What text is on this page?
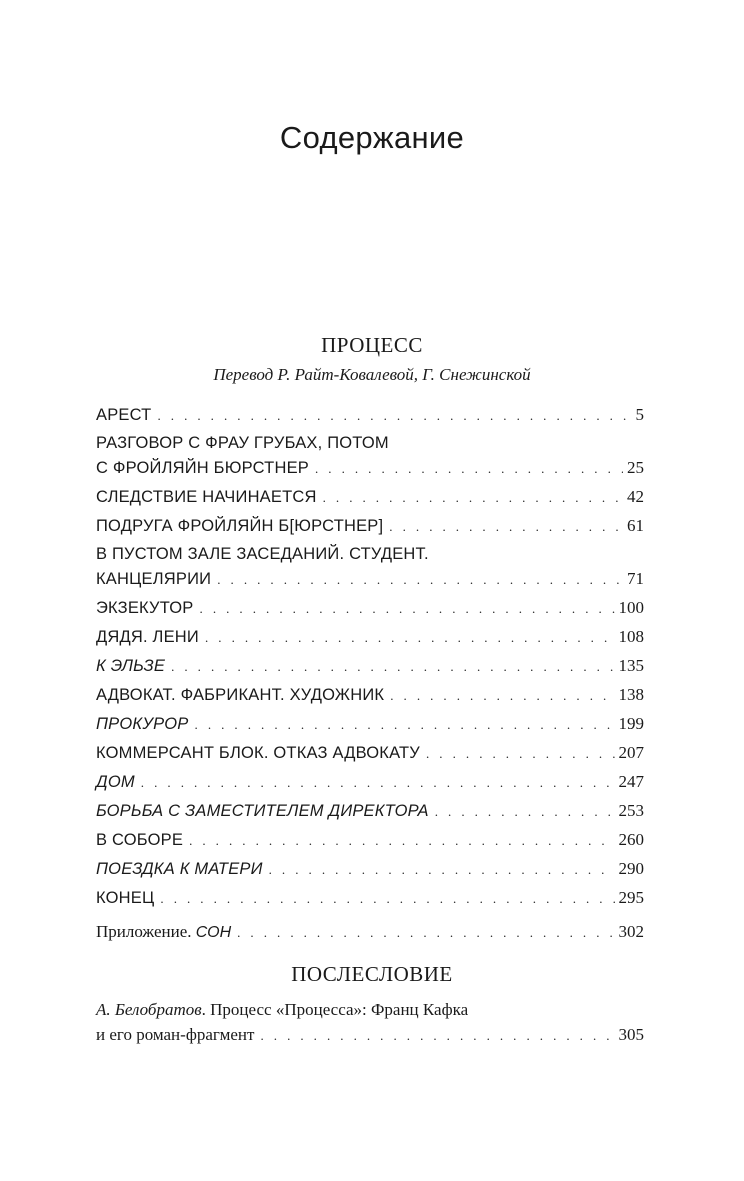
Содержание
ПРОЦЕСС
Перевод Р. Райт-Ковалевой, Г. Снежинской
АРЕСТ . . .	5
РАЗГОВОР С ФРАУ ГРУБАХ, ПОТОМ
С ФРОЙЛЯЙН БЮРСТНЕР . . .	25
СЛЕДСТВИЕ НАЧИНАЕТСЯ . . .	42
ПОДРУГА ФРОЙЛЯЙН Б[ЮРСТНЕР] . . .	61
В ПУСТОМ ЗАЛЕ ЗАСЕДАНИЙ. СТУДЕНТ.
КАНЦЕЛЯРИИ . . .	71
ЭКЗЕКУТОР . . .	100
ДЯДЯ. ЛЕНИ . . .	108
К ЭЛЬЗЕ . . .	135
АДВОКАТ. ФАБРИКАНТ. ХУДОЖНИК . . .	138
ПРОКУРОР . . .	199
КОММЕРСАНТ БЛОК. ОТКАЗ АДВОКАТУ . . .	207
ДОМ . . .	247
БОРЬБА С ЗАМЕСТИТЕЛЕМ ДИРЕКТОРА . . .	253
В СОБОРЕ . . .	260
ПОЕЗДКА К МАТЕРИ . . .	290
КОНЕЦ . . .	295
Приложение. СОН . . .	302
ПОСЛЕСЛОВИЕ
А. Белобратов. Процесс «Процесса»: Франц Кафка
и его роман-фрагмент . . .	305
